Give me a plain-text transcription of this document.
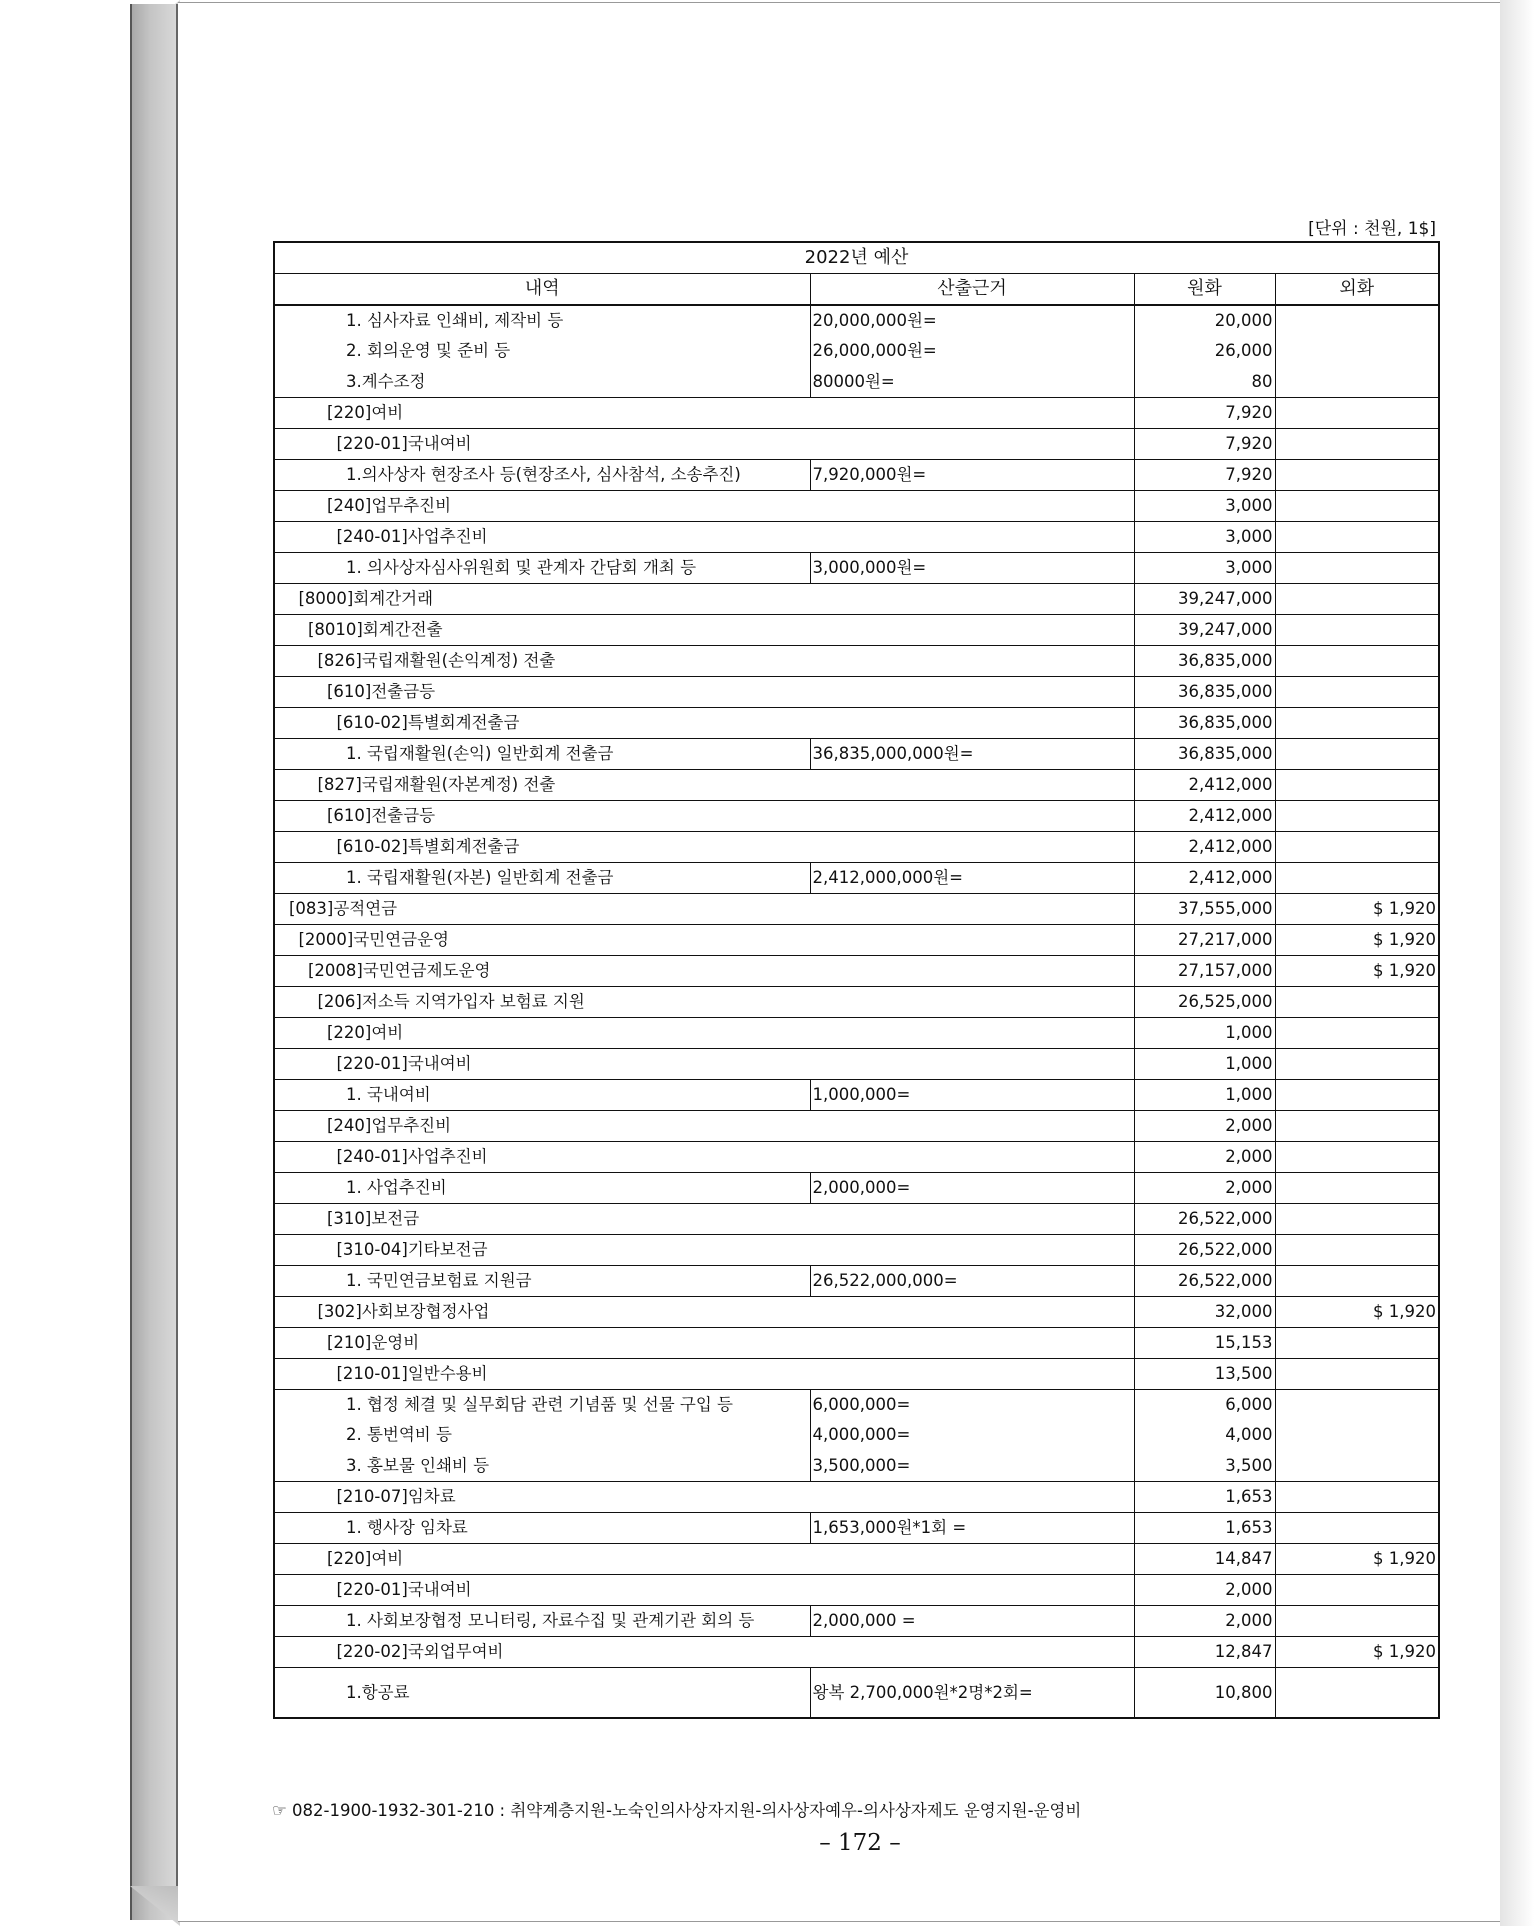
[단위 : 천원, 1$]
2022년 예산			
내역	산출근거	원화	외화
1. 심사자료 인쇄비, 제작비 등	20,000,000원=	20,000	
2. 회의운영 및 준비 등	26,000,000원=	26,000	
3.계수조정	80000원=	80	
[220]여비		7,920	
[220-01]국내여비		7,920	
1.의사상자 현장조사 등(현장조사, 심사참석, 소송추진)	7,920,000원=	7,920	
[240]업무추진비		3,000	
[240-01]사업추진비		3,000	
1. 의사상자심사위원회 및 관계자 간담회 개최 등	3,000,000원=	3,000	
[8000]회계간거래		39,247,000	
[8010]회계간전출		39,247,000	
[826]국립재활원(손익계정) 전출		36,835,000	
[610]전출금등		36,835,000	
[610-02]특별회계전출금		36,835,000	
1. 국립재활원(손익) 일반회계 전출금	36,835,000,000원=	36,835,000	
[827]국립재활원(자본계정) 전출		2,412,000	
[610]전출금등		2,412,000	
[610-02]특별회계전출금		2,412,000	
1. 국립재활원(자본) 일반회계 전출금	2,412,000,000원=	2,412,000	
[083]공적연금		37,555,000	$ 1,920
[2000]국민연금운영		27,217,000	$ 1,920
[2008]국민연금제도운영		27,157,000	$ 1,920
[206]저소득 지역가입자 보험료 지원		26,525,000	
[220]여비		1,000	
[220-01]국내여비		1,000	
1. 국내여비	1,000,000=	1,000	
[240]업무추진비		2,000	
[240-01]사업추진비		2,000	
1. 사업추진비	2,000,000=	2,000	
[310]보전금		26,522,000	
[310-04]기타보전금		26,522,000	
1. 국민연금보험료 지원금	26,522,000,000=	26,522,000	
[302]사회보장협정사업		32,000	$ 1,920
[210]운영비		15,153	
[210-01]일반수용비		13,500	
1. 협정 체결 및 실무회담 관련 기념품 및 선물 구입 등	6,000,000=	6,000	
2. 통번역비 등	4,000,000=	4,000	
3. 홍보물 인쇄비 등	3,500,000=	3,500	
[210-07]임차료		1,653	
1. 행사장 임차료	1,653,000원*1회 =	1,653	
[220]여비		14,847	$ 1,920
[220-01]국내여비		2,000	
1. 사회보장협정 모니터링, 자료수집 및 관계기관 회의 등	2,000,000 =	2,000	
[220-02]국외업무여비		12,847	$ 1,920
1.항공료	왕복 2,700,000원*2명*2회=	10,800	
☞ 082-1900-1932-301-210 : 취약계층지원-노숙인의사상자지원-의사상자예우-의사상자제도 운영지원-운영비
– 172 –
